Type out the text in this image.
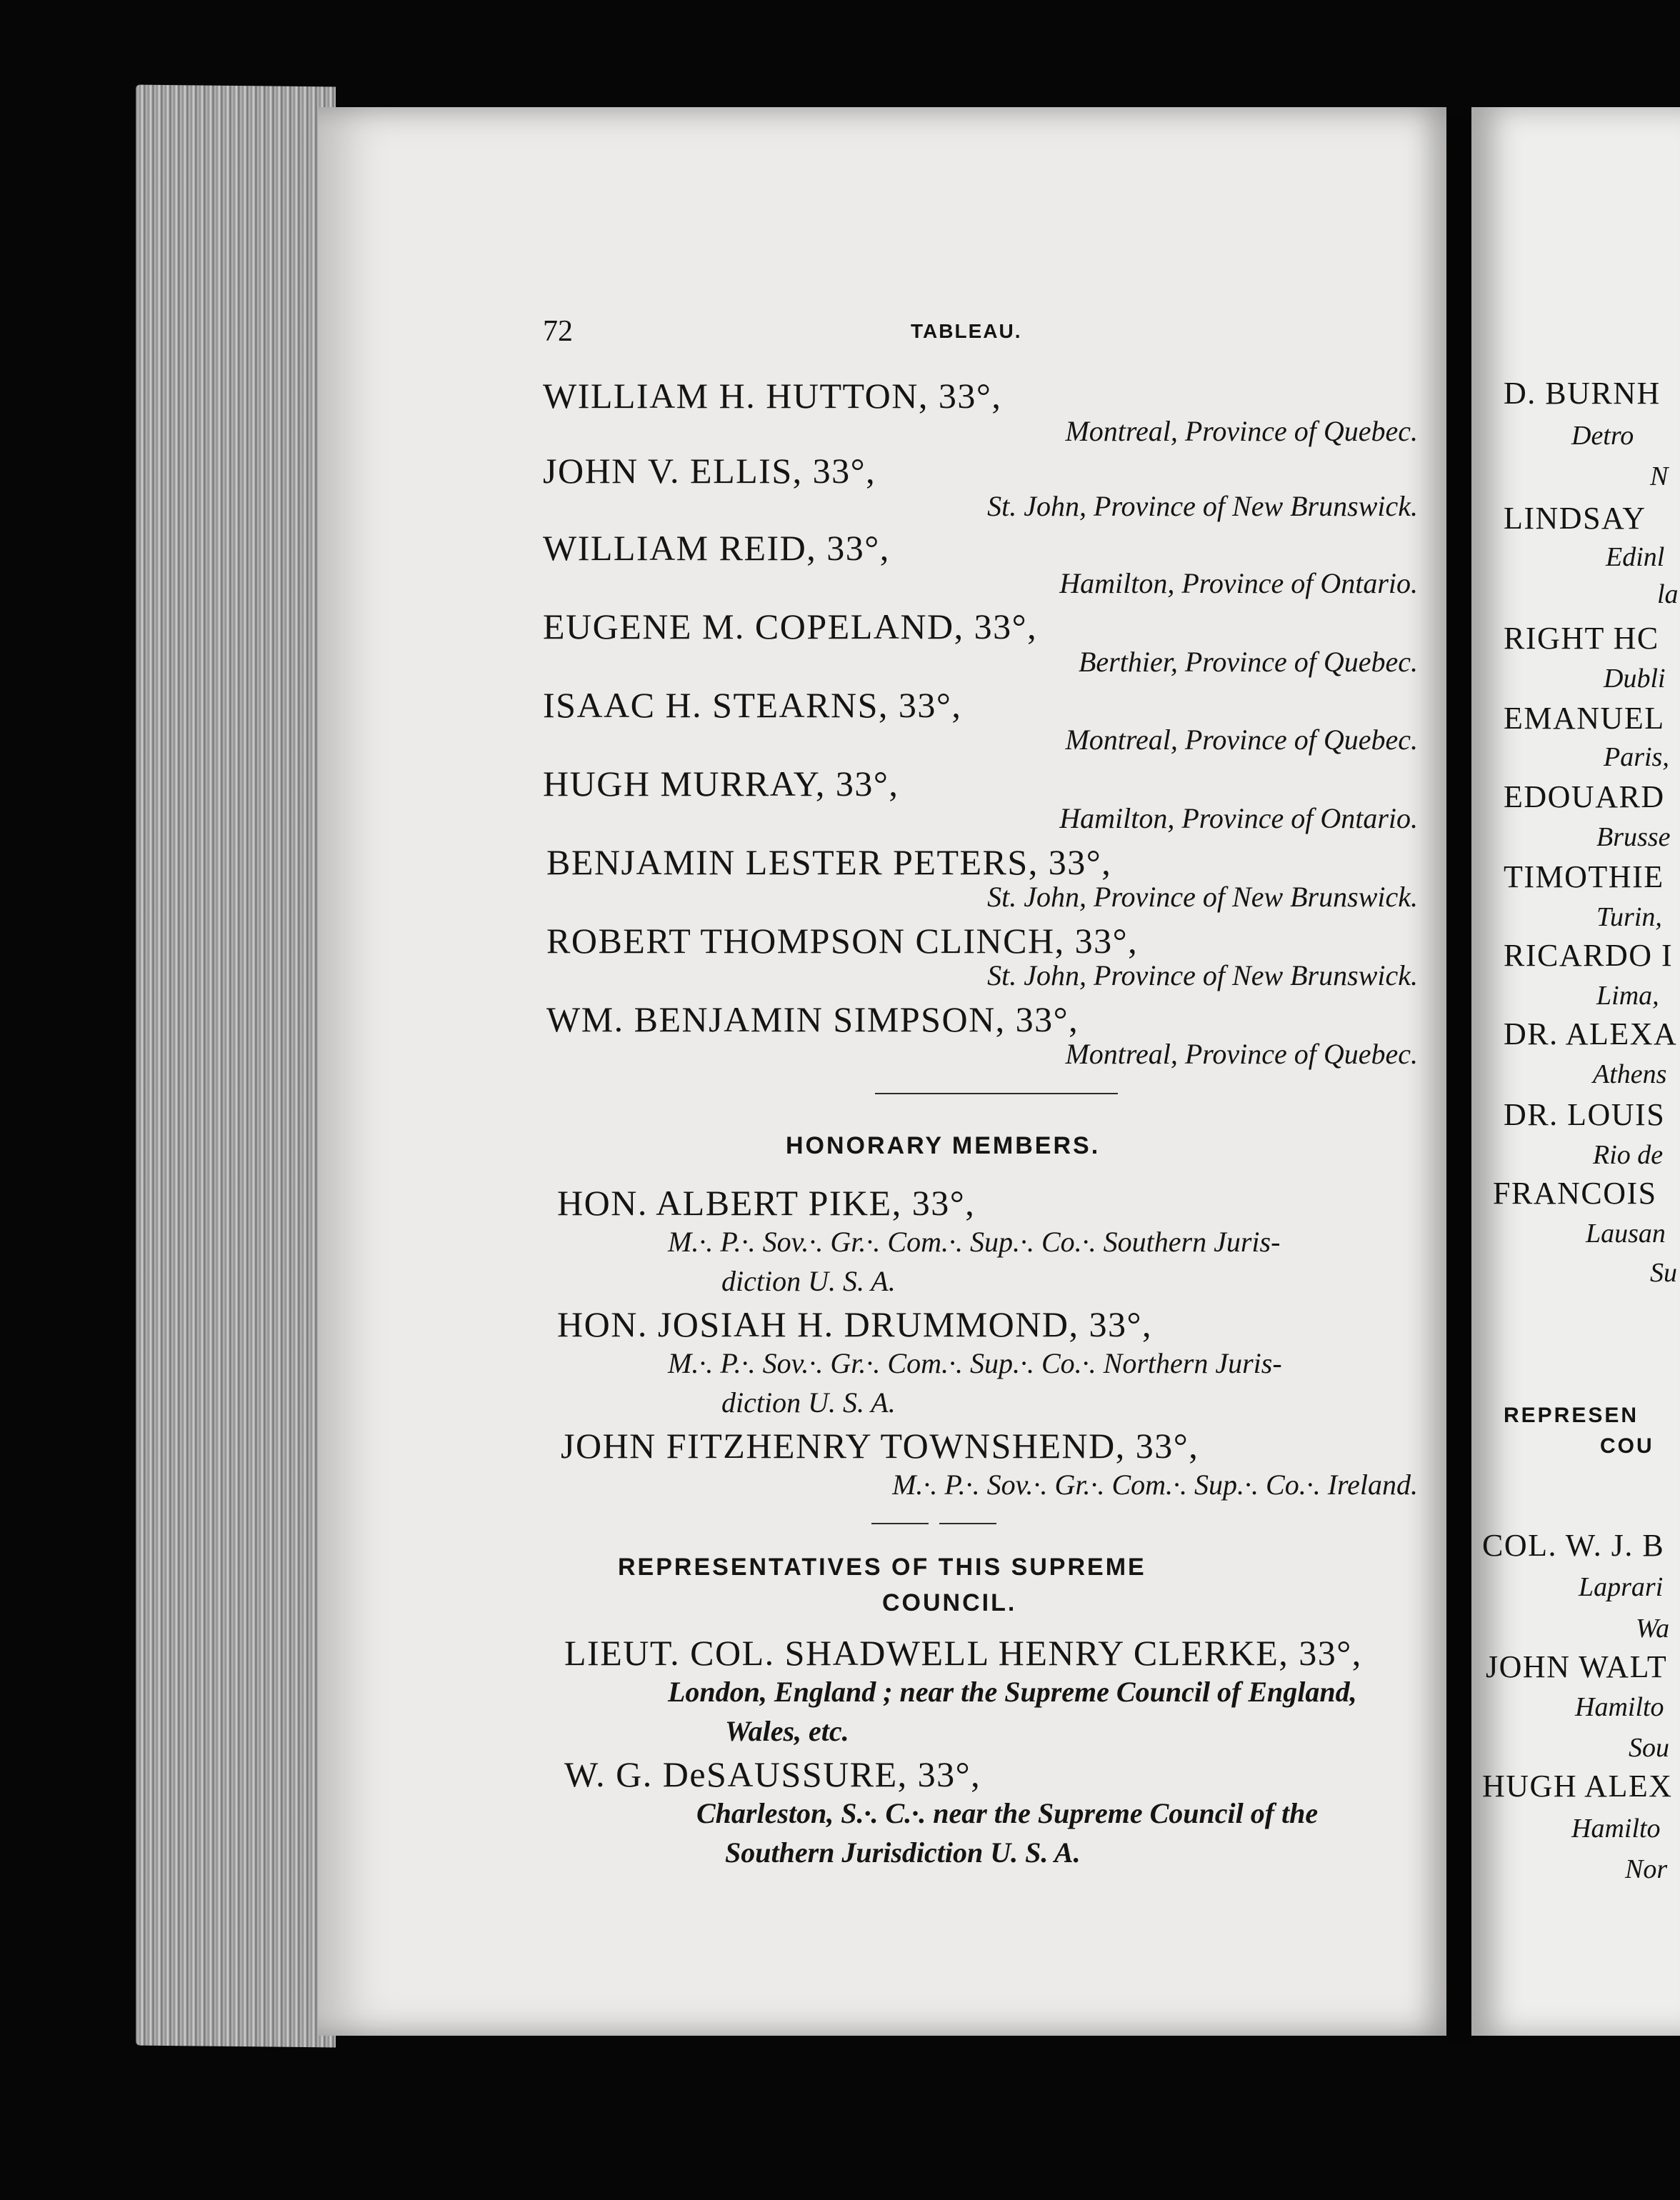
72	TABLEAU.
WILLIAM H. HUTTON, 33°,
Montreal, Province of Quebec.
JOHN V. ELLIS, 33°,
St. John, Province of New Brunswick.
WILLIAM REID, 33°,
Hamilton, Province of Ontario.
EUGENE M. COPELAND, 33°,
Berthier, Province of Quebec.
ISAAC H. STEARNS, 33°,
Montreal, Province of Quebec.
HUGH MURRAY, 33°,
Hamilton, Province of Ontario.
BENJAMIN LESTER PETERS, 33°,
St. John, Province of New Brunswick.
ROBERT THOMPSON CLINCH, 33°,
St. John, Province of New Brunswick.
WM. BENJAMIN SIMPSON, 33°,
Montreal, Province of Quebec.
HONORARY MEMBERS.
HON. ALBERT PIKE, 33°,
M.·. P.·. Sov.·. Gr.·. Com.·. Sup.·. Co.·. Southern Juris-
diction U. S. A.
HON. JOSIAH H. DRUMMOND, 33°,
M.·. P.·. Sov.·. Gr.·. Com.·. Sup.·. Co.·. Northern Juris-
diction U. S. A.
JOHN FITZHENRY TOWNSHEND, 33°,
M.·. P.·. Sov.·. Gr.·. Com.·. Sup.·. Co.·. Ireland.
REPRESENTATIVES OF THIS SUPREME
COUNCIL.
LIEUT. COL. SHADWELL HENRY CLERKE, 33°,
London, England ; near the Supreme Council of England,
Wales, etc.
W. G. DeSAUSSURE, 33°,
Charleston, S.·. C.·. near the Supreme Council of the
Southern Jurisdiction U. S. A.
D. BURNH
Detro
N
LINDSAY
Edinl
la
RIGHT HC
Dubli
EMANUEL
Paris,
EDOUARD
Brusse
TIMOTHIE
Turin,
RICARDO I
Lima,
DR. ALEXA
Athens
DR. LOUIS
Rio de
FRANCOIS
Lausan
Su
REPRESEN
COU
COL. W. J. B
Laprari
Wa
JOHN WALT
Hamilto
Sou
HUGH ALEX
Hamilto
Nor
